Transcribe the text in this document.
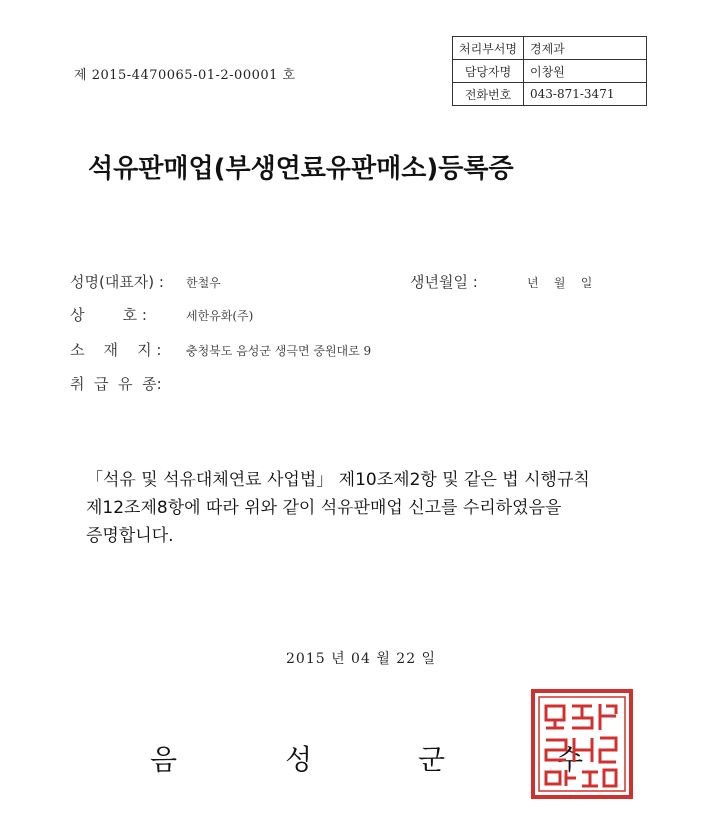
제 2015-4470065-01-2-00001 호
처리부서명	경제과
담당자명	이창원
전화번호	043-871-3471
석유판매업(부생연료유판매소)등록증
성명(대표자) : 한철우	생년월일 :	년    월    일
상        호 :	세한유화(주)
소    재    지 : 충청북도 음성군 생극면 중원대로 9
취  급  유  종:
「석유 및 석유대체연료 사업법」 제10조제2항 및 같은 법 시행규칙
제12조제8항에 따라 위와 같이 석유판매업 신고를 수리하였음을
증명합니다.
2015 년 04 월 22 일
음	성	군	수
